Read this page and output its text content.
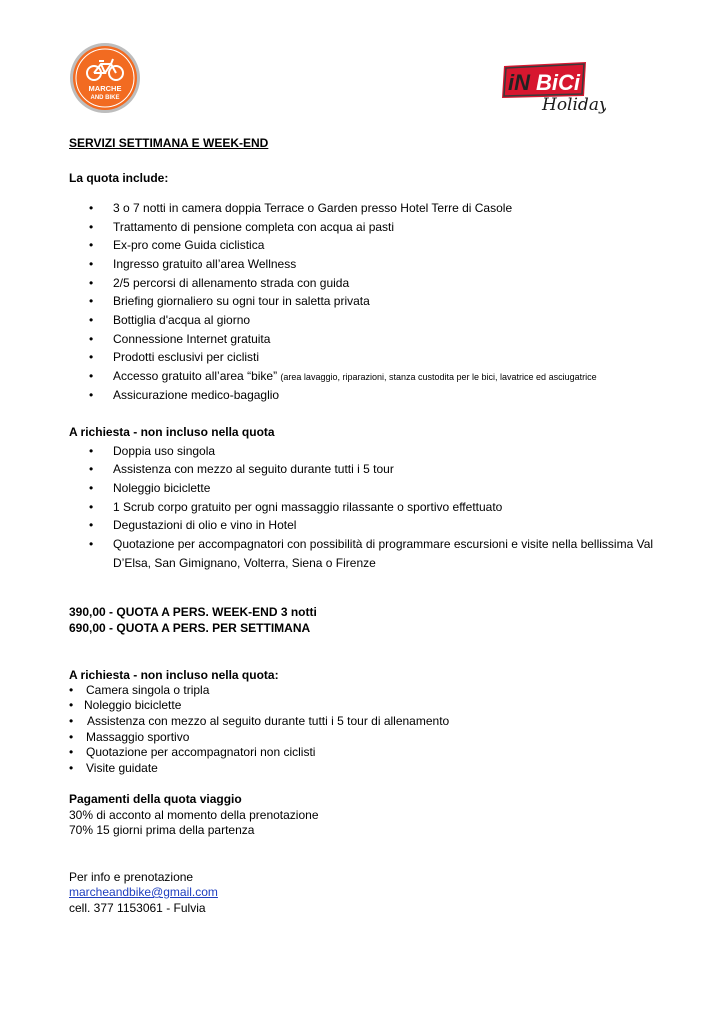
MARCHE
AND BIKE
iN BiCi
Holiday
SERVIZI SETTIMANA E WEEK-END
La quota include:
• 3 o 7 notti in camera doppia Terrace o Garden presso Hotel Terre di Casole
• Trattamento di pensione completa con acqua ai pasti
• Ex-pro come Guida ciclistica
• Ingresso gratuito all’area Wellness
• 2/5 percorsi di allenamento strada con guida
• Briefing giornaliero su ogni tour in saletta privata
• Bottiglia d'acqua al giorno
• Connessione Internet gratuita
• Prodotti esclusivi per ciclisti
• Accesso gratuito all’area “bike” (area lavaggio, riparazioni, stanza custodita per le bici, lavatrice ed asciugatrice
• Assicurazione medico-bagaglio
A richiesta - non incluso nella quota
• Doppia uso singola
• Assistenza con mezzo al seguito durante tutti i 5 tour
• Noleggio biciclette
• 1 Scrub corpo gratuito per ogni massaggio rilassante o sportivo effettuato
• Degustazioni di olio e vino in Hotel
• Quotazione per accompagnatori con possibilità di programmare escursioni e visite nella bellissima Val
D’Elsa, San Gimignano, Volterra, Siena o Firenze
390,00 - QUOTA A PERS. WEEK-END 3 notti
690,00 - QUOTA A PERS. PER SETTIMANA
A richiesta - non incluso nella quota:
• Camera singola o tripla
• Noleggio biciclette
• Assistenza con mezzo al seguito durante tutti i 5 tour di allenamento
• Massaggio sportivo
• Quotazione per accompagnatori non ciclisti
• Visite guidate
Pagamenti della quota viaggio
30% di acconto al momento della prenotazione
70% 15 giorni prima della partenza
Per info e prenotazione
marcheandbike@gmail.com
cell. 377 1153061 - Fulvia
